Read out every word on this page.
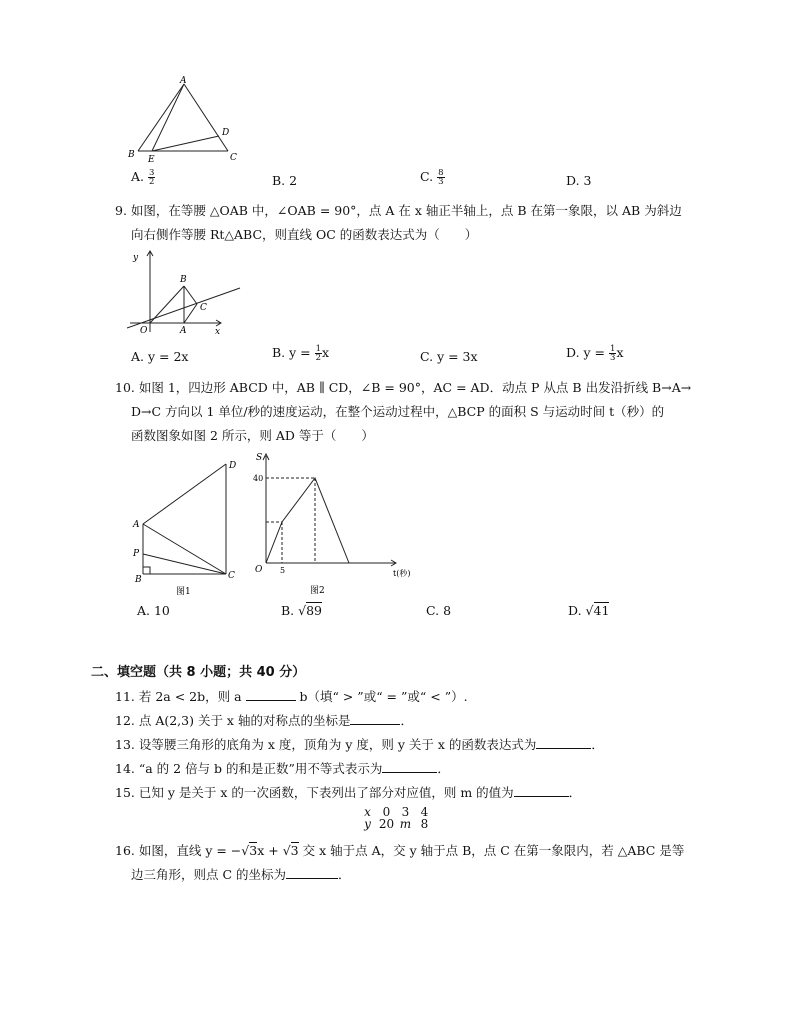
A
B E
D
C
A. $\frac{3}{2}$	B. 2	C. $\frac{8}{3}$	D. 3
9. 如图，在等腰 △OAB 中，∠OAB = 90°，点 A 在 x 轴正半轴上，点 B 在第一象限，以 AB 为斜边
向右侧作等腰 Rt△ABC，则直线 OC 的函数表达式为（　　）
y
x
O
B
A
C
A. y = 2x	B. $y = \frac{1}{2}$ x	C. y = 3x	D. $y = \frac{1}{3}$ x
10. 如图 1，四边形 ABCD 中，AB ∥ CD，∠B = 90°，AC = AD．动点 P 从点 B 出发沿折线 B→A→
D→C 方向以 1 单位/秒的速度运动，在整个运动过程中，△BCP 的面积 S 与运动时间 t（秒）的
函数图象如图 2 所示，则 AD 等于（　　）
D
A
P
B	C
图1
S
40
O 5	t(秒)
图2
A. 10	B. √89	C. 8	D. √41
二、填空题（共 8 小题；共 40 分）
11. 若 2a < 2b，则 a	b（填“ > ”或“ = ”或“ < ”）.
12. 点 A(2,3) 关于 x 轴的对称点的坐标是	．
13. 设等腰三角形的底角为 x 度，顶角为 y 度，则 y 关于 x 的函数表达式为	．
14. “a 的 2 倍与 b 的和是正数”用不等式表示为	．
15. 已知 y 是关于 x 的一次函数，下表列出了部分对应值，则 m 的值为	．
x 0 3 4
y 20 m 8
16. 如图，直线 y = −√3x + √3 交 x 轴于点 A，交 y 轴于点 B，点 C 在第一象限内，若 △ABC 是等
边三角形，则点 C 的坐标为	．
